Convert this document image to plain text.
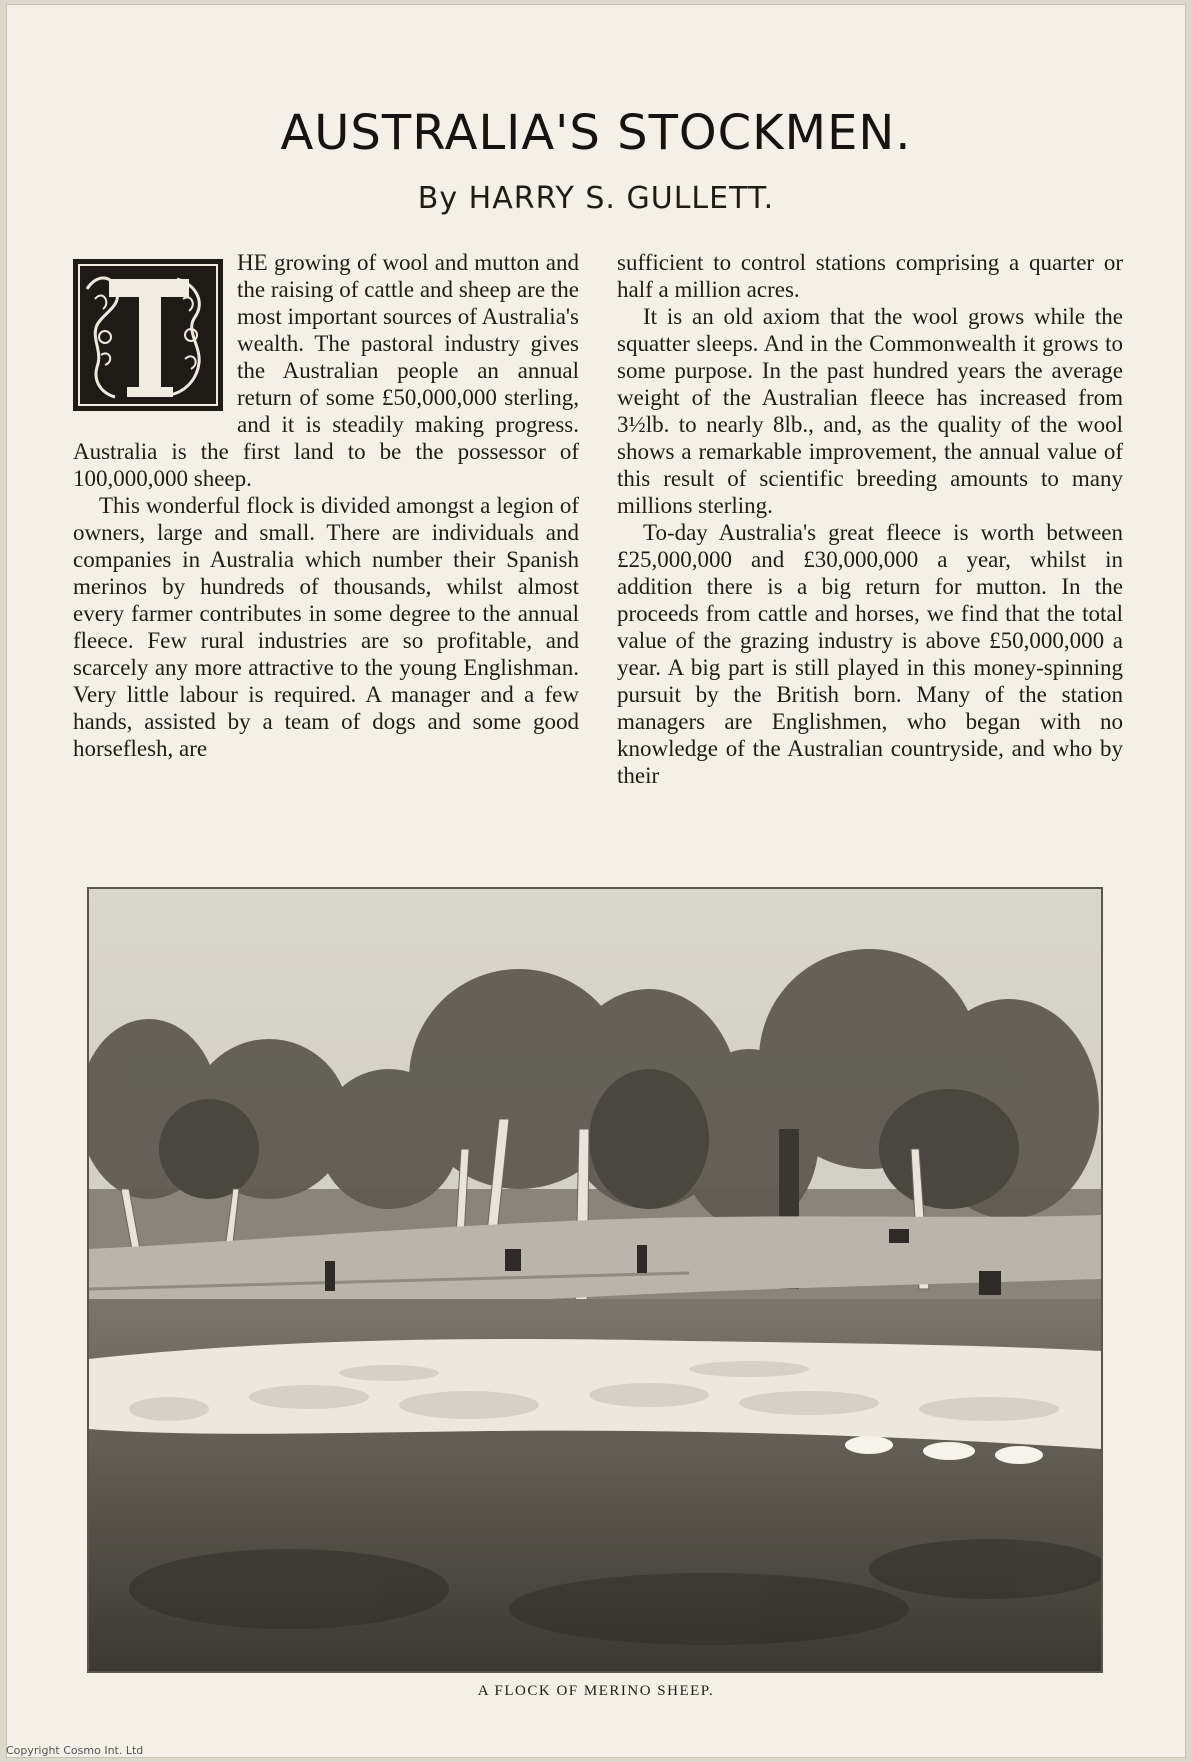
AUSTRALIA'S STOCKMEN.
By HARRY S. GULLETT.

HE growing of wool and mutton and the raising of cattle and sheep are the most important sources of Australia's wealth. The pastoral industry gives the Australian people an annual return of some £50,000,000 sterling, and it is steadily making progress. Australia is the first land to be the possessor of 100,000,000 sheep.

This wonderful flock is divided amongst a legion of owners, large and small. There are individuals and companies in Australia which number their Spanish merinos by hundreds of thousands, whilst almost every farmer contributes in some degree to the annual fleece. Few rural industries are so profitable, and scarcely any more attractive to the young Englishman. Very little labour is required. A manager and a few hands, assisted by a team of dogs and some good horseflesh, are

sufficient to control stations comprising a quarter or half a million acres.

It is an old axiom that the wool grows while the squatter sleeps. And in the Commonwealth it grows to some purpose. In the past hundred years the average weight of the Australian fleece has increased from 3½lb. to nearly 8lb., and, as the quality of the wool shows a remarkable improvement, the annual value of this result of scientific breeding amounts to many millions sterling.

To-day Australia's great fleece is worth between £25,000,000 and £30,000,000 a year, whilst in addition there is a big return for mutton. In the proceeds from cattle and horses, we find that the total value of the grazing industry is above £50,000,000 a year. A big part is still played in this money-spinning pursuit by the British born. Many of the station managers are Englishmen, who began with no knowledge of the Australian countryside, and who by their

A FLOCK OF MERINO SHEEP.
Copyright Cosmo Int. Ltd
